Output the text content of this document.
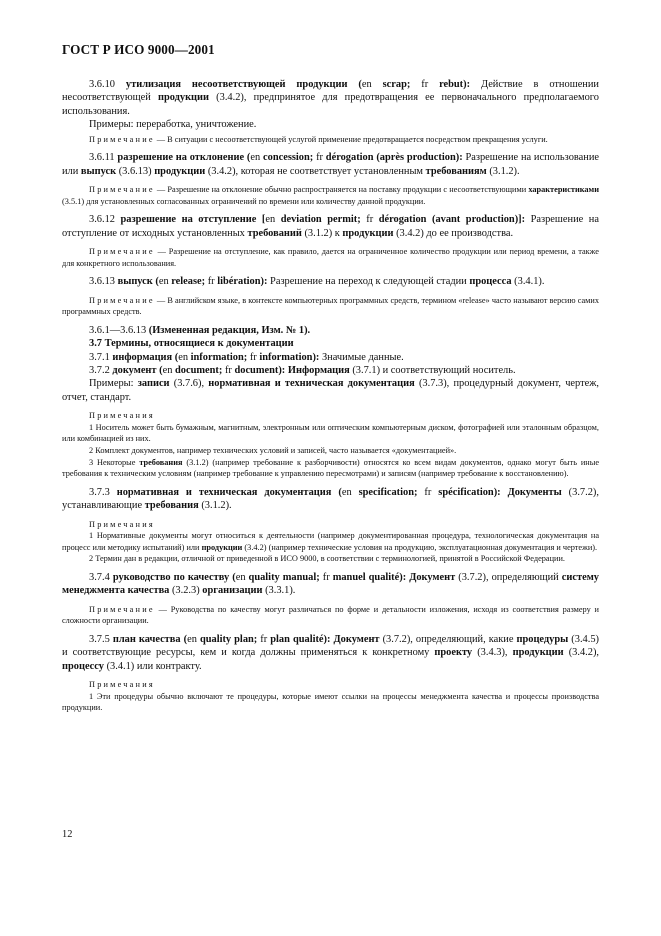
ГОСТ Р ИСО 9000—2001

3.6.10 утилизация несоответствующей продукции (en scrap; fr rebut): Действие в отношении несоответствующей продукции (3.4.2), предпринятое для предотвращения ее первоначального предполагаемого использования.

Примеры: переработка, уничтожение.

Примечание — В ситуации с несоответствующей услугой применение предотвращается посредством прекращения услуги.

3.6.11 разрешение на отклонение (en concession; fr dérogation (après production): Разрешение на использование или выпуск (3.6.13) продукции (3.4.2), которая не соответствует установленным требованиям (3.1.2).

Примечание — Разрешение на отклонение обычно распространяется на поставку продукции с несоответствующими характеристиками (3.5.1) для установленных согласованных ограничений по времени или количеству данной продукции.

3.6.12 разрешение на отступление [en deviation permit; fr dérogation (avant production)]: Разрешение на отступление от исходных установленных требований (3.1.2) к продукции (3.4.2) до ее производства.

Примечание — Разрешение на отступление, как правило, дается на ограниченное количество продукции или период времени, а также для конкретного использования.

3.6.13 выпуск (en release; fr libération): Разрешение на переход к следующей стадии процесса (3.4.1).

Примечание — В английском языке, в контексте компьютерных программных средств, термином «release» часто называют версию самих программных средств.

3.6.1—3.6.13 (Измененная редакция, Изм. № 1).

3.7 Термины, относящиеся к документации

3.7.1 информация (en information; fr information): Значимые данные.

3.7.2 документ (en document; fr document): Информация (3.7.1) и соответствующий носитель.

Примеры: записи (3.7.6), нормативная и техническая документация (3.7.3), процедурный документ, чертеж, отчет, стандарт.

Примечания

1 Носитель может быть бумажным, магнитным, электронным или оптическим компьютерным диском, фотографией или эталонным образцом, или комбинацией из них.

2 Комплект документов, например технических условий и записей, часто называется «документацией».

3 Некоторые требования (3.1.2) (например требование к разборчивости) относятся ко всем видам документов, однако могут быть иные требования к техническим условиям (например требование к управлению пересмотрами) и записям (например требование к восстановлению).

3.7.3 нормативная и техническая документация (en specification; fr spécification): Документы (3.7.2), устанавливающие требования (3.1.2).

Примечания

1 Нормативные документы могут относиться к деятельности (например документированная процедура, технологическая документация на процесс или методику испытаний) или продукции (3.4.2) (например технические условия на продукцию, эксплуатационная документация и чертежи).

2 Термин дан в редакции, отличной от приведенной в ИСО 9000, в соответствии с терминологией, принятой в Российской Федерации.

3.7.4 руководство по качеству (en quality manual; fr manuel qualité): Документ (3.7.2), определяющий систему менеджмента качества (3.2.3) организации (3.3.1).

Примечание — Руководства по качеству могут различаться по форме и детальности изложения, исходя из соответствия размеру и сложности организации.

3.7.5 план качества (en quality plan; fr plan qualité): Документ (3.7.2), определяющий, какие процедуры (3.4.5) и соответствующие ресурсы, кем и когда должны применяться к конкретному проекту (3.4.3), продукции (3.4.2), процессу (3.4.1) или контракту.

Примечания

1 Эти процедуры обычно включают те процедуры, которые имеют ссылки на процессы менеджмента качества и процессы производства продукции.

12
